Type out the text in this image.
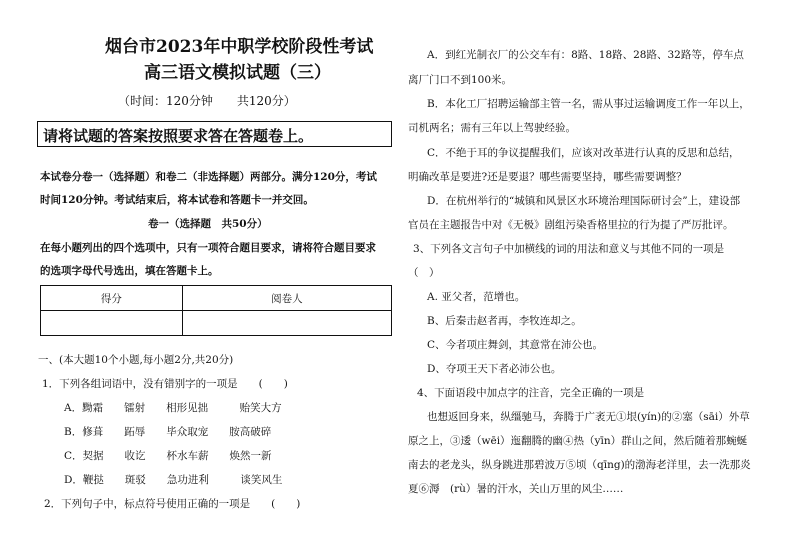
烟台市2023年中职学校阶段性考试
高三语文模拟试题（三）
（时间：120分钟　　共120分）
请将试题的答案按照要求答在答题卷上。
本试卷分卷一（选择题）和卷二（非选择题）两部分。满分120分，考试
时间120分钟。考试结束后，将本试卷和答题卡一并交回。
卷一（选择题　共50分）
在每小题列出的四个选项中，只有一项符合题目要求，请将符合题目要求
的选项字母代号选出，填在答题卡上。
得分	阅卷人

一、(本大题10个小题,每小题2分,共20分)
1．下列各组词语中，没有错别字的一项是　　(　　)
A．黝霜　　镭射　　相形见拙　　　贻笑大方
B．修葺　　跖辱　　毕众取宠　　胺高破碎
C．契据　　收讫　　杯水车薪　　焕然一新
D．鞭挞　　斑驳　　急功进利　　　谈笑风生
2．下列句子中，标点符号使用正确的一项是　　(　　)
A．到红光制衣厂的公交车有：8路、18路、28路、32路等，停车点
离厂门口不到100米。
B．本化工厂招聘运输部主管一名，需从事过运输调度工作一年以上，
司机两名；需有三年以上驾驶经验。
C．不绝于耳的争议提醒我们，应该对改革进行认真的反思和总结，
明确改革是要进?还是要退？哪些需要坚持，哪些需要调整？
D．在杭州举行的“城镇和风景区水环境治理国际研讨会”上，建设部
官员在主题报告中对《无极》剧组污染香格里拉的行为提了严厉批评。
3、下列各文言句子中加横线的词的用法和意义与其他不同的一项是
（　）
A. 亚父者，范增也。
B、后秦击赵者再，李牧连却之。
C、今者项庄舞剑，其意常在沛公也。
D、夺项王天下者必沛公也。
4、下面语段中加点字的注音，完全正确的一项是
也想返回身来，纵缰驰马，奔腾于广袤无①垠(yín)的②塞（sāi）外草
原之上，③逶（wēi）迤翻腾的幽④热（yīn）群山之间，然后随着那蜿蜒
南去的老龙头，纵身跳进那碧波万⑤顷（qīng)的渤海老洋里，去一洗那炎
夏⑥溽　(rù）暑的汗水，关山万里的风尘……
